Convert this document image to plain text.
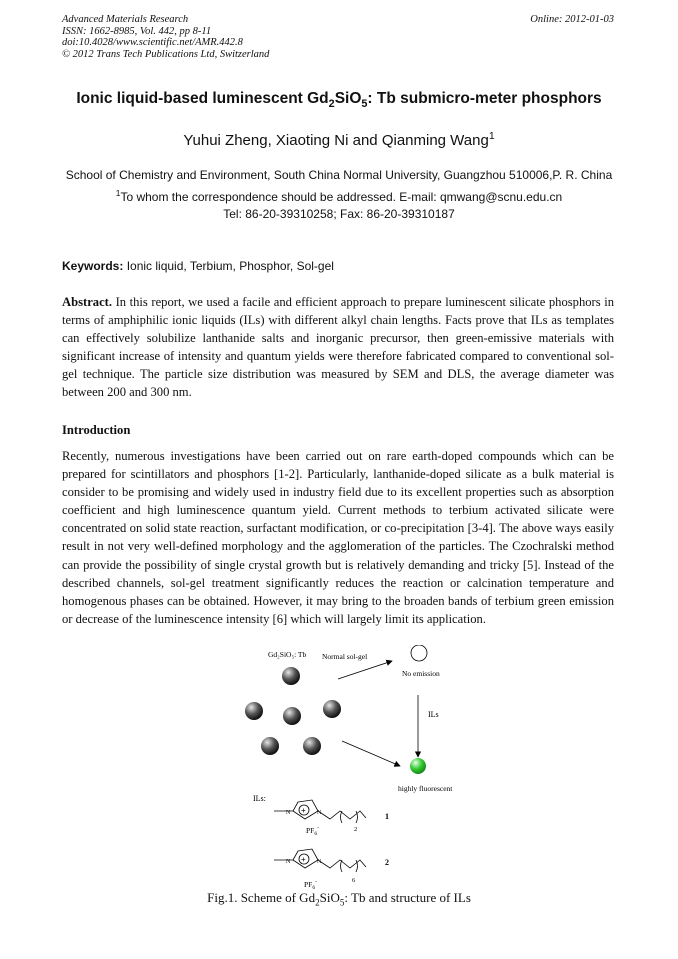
Advanced Materials Research
ISSN: 1662-8985, Vol. 442, pp 8-11
doi:10.4028/www.scientific.net/AMR.442.8
© 2012 Trans Tech Publications Ltd, Switzerland
Online: 2012-01-03
Ionic liquid-based luminescent $Gd_2SiO_5$: Tb submicro-meter phosphors
Yuhui Zheng, Xiaoting Ni and Qianming Wang$^1$
School of Chemistry and Environment, South China Normal University, Guangzhou 510006,P. R. China
$^1$To whom the correspondence should be addressed. E-mail: qmwang@scnu.edu.cn
Tel: 86-20-39310258; Fax: 86-20-39310187
Keywords: Ionic liquid, Terbium, Phosphor, Sol-gel
Abstract. In this report, we used a facile and efficient approach to prepare luminescent silicate phosphors in terms of amphiphilic ionic liquids (ILs) with different alkyl chain lengths. Facts prove that ILs as templates can effectively solubilize lanthanide salts and inorganic precursor, then green-emissive materials with significant increase of intensity and quantum yields were therefore fabricated compared to conventional sol-gel technique. The particle size distribution was measured by SEM and DLS, the average diameter was between 200 and 300 nm.
Introduction
Recently, numerous investigations have been carried out on rare earth-doped compounds which can be prepared for scintillators and phosphors [1-2]. Particularly, lanthanide-doped silicate as a bulk material is consider to be promising and widely used in industry field due to its excellent properties such as absorption coefficient and high luminescence quantum yield. Current methods to terbium activated silicate were concentrated on solid state reaction, surfactant modification, or co-precipitation [3-4]. The above ways easily result in not very well-defined morphology and the agglomeration of the particles. The Czochralski method can provide the possibility of single crystal growth but is relatively demanding and tricky [5]. Instead of the described channels, sol-gel treatment significantly reduces the reaction or calcination temperature and homogenous phases can be obtained. However, it may bring to the broaden bands of terbium green emission or decrease of the luminescence intensity [6] which will largely limit its application.
Gd₂SiO₅: Tb Normal sol-gel
No emission
ILs
highly fluorescent
ILs:
+
N	N
$PF_6^-$	2
1
+
N	N
$PF_6^-$	6
2
Fig.1. Scheme of $Gd_2SiO_5$: Tb and structure of ILs
